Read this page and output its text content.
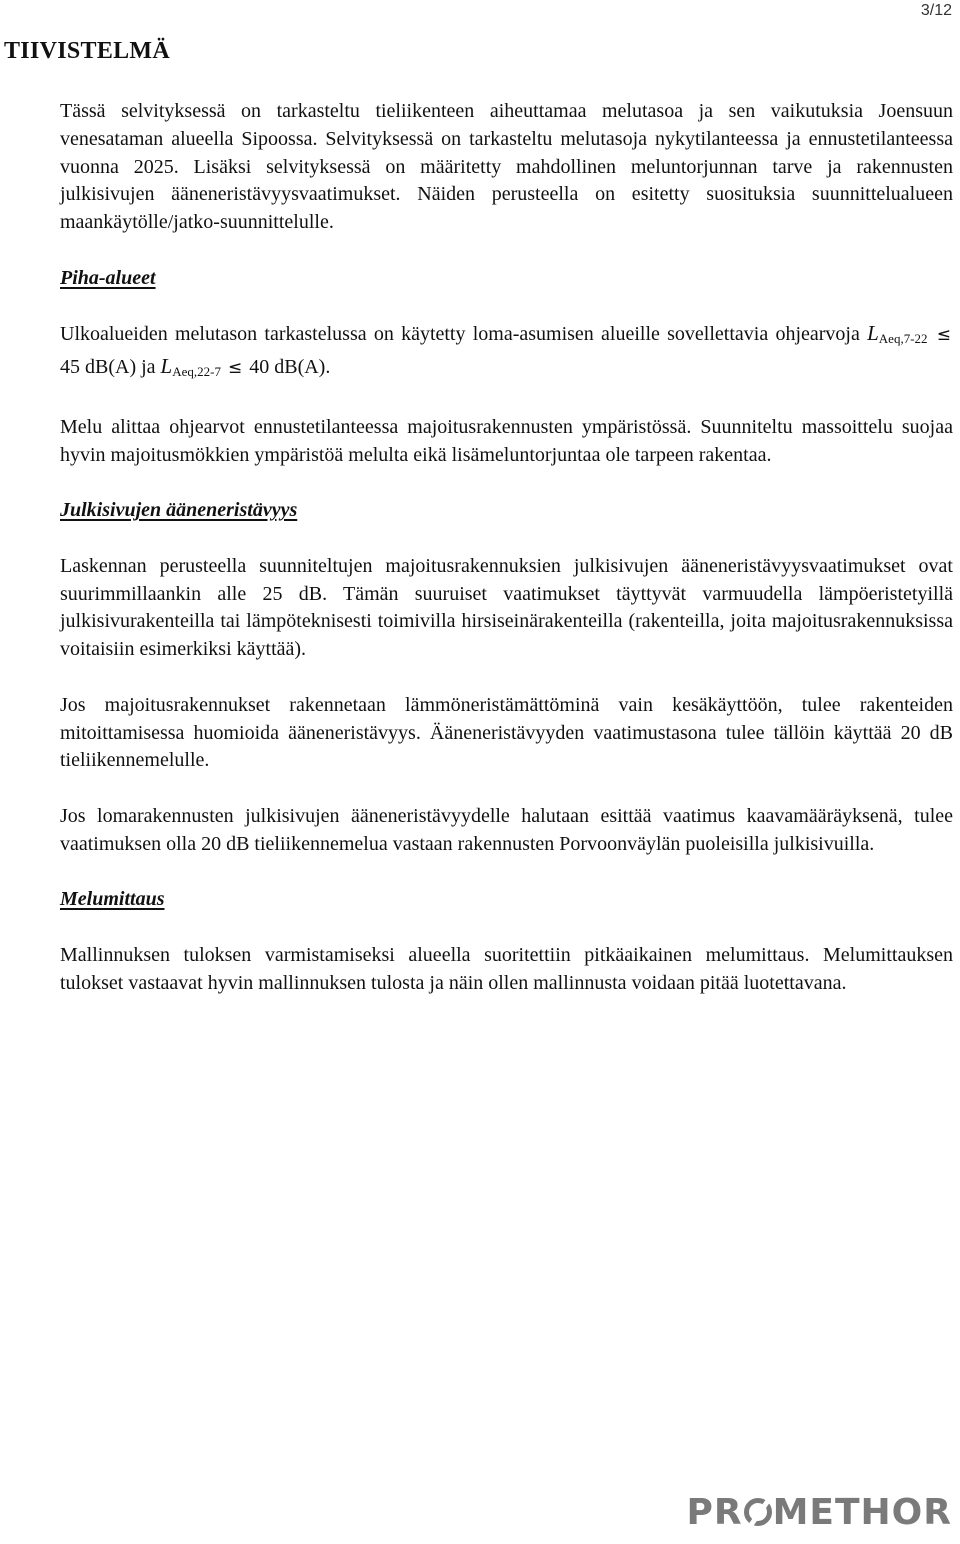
3/12
TIIVISTELMÄ

Tässä selvityksessä on tarkasteltu tieliikenteen aiheuttamaa melutasoa ja sen vaikutuksia Joensuun venesataman alueella Sipoossa. Selvityksessä on tarkasteltu melutasoja nykytilanteessa ja ennustetilanteessa vuonna 2025. Lisäksi selvityksessä on määritetty mahdollinen meluntorjunnan tarve ja rakennusten julkisivujen ääneneristävyysvaatimukset. Näiden perusteella on esitetty suosituksia suunnittelualueen maankäytölle/jatko-suunnittelulle.

Piha-alueet

Ulkoalueiden melutason tarkastelussa on käytetty loma-asumisen alueille sovellettavia ohjearvoja LAeq,7-22 ≤ 45 dB(A) ja LAeq,22-7 ≤ 40 dB(A).

Melu alittaa ohjearvot ennustetilanteessa majoitusrakennusten ympäristössä. Suunniteltu massoittelu suojaa hyvin majoitusmökkien ympäristöä melulta eikä lisämeluntorjuntaa ole tarpeen rakentaa.

Julkisivujen ääneneristävyys

Laskennan perusteella suunniteltujen majoitusrakennuksien julkisivujen ääneneristävyysvaatimukset ovat suurimmillaankin alle 25 dB. Tämän suuruiset vaatimukset täyttyvät varmuudella lämpöeristetyillä julkisivurakenteilla tai lämpöteknisesti toimivilla hirsiseinärakenteilla (rakenteilla, joita majoitusrakennuksissa voitaisiin esimerkiksi käyttää).

Jos majoitusrakennukset rakennetaan lämmöneristämättöminä vain kesäkäyttöön, tulee rakenteiden mitoittamisessa huomioida ääneneristävyys. Ääneneristävyyden vaatimustasona tulee tällöin käyttää 20 dB tieliikennemelulle.

Jos lomarakennusten julkisivujen ääneneristävyydelle halutaan esittää vaatimus kaavamääräyksenä, tulee vaatimuksen olla 20 dB tieliikennemelua vastaan rakennusten Porvoonväylän puoleisilla julkisivuilla.

Melumittaus

Mallinnuksen tuloksen varmistamiseksi alueella suoritettiin pitkäaikainen melumittaus. Melumittauksen tulokset vastaavat hyvin mallinnuksen tulosta ja näin ollen mallinnusta voidaan pitää luotettavana.

PR METHOR
